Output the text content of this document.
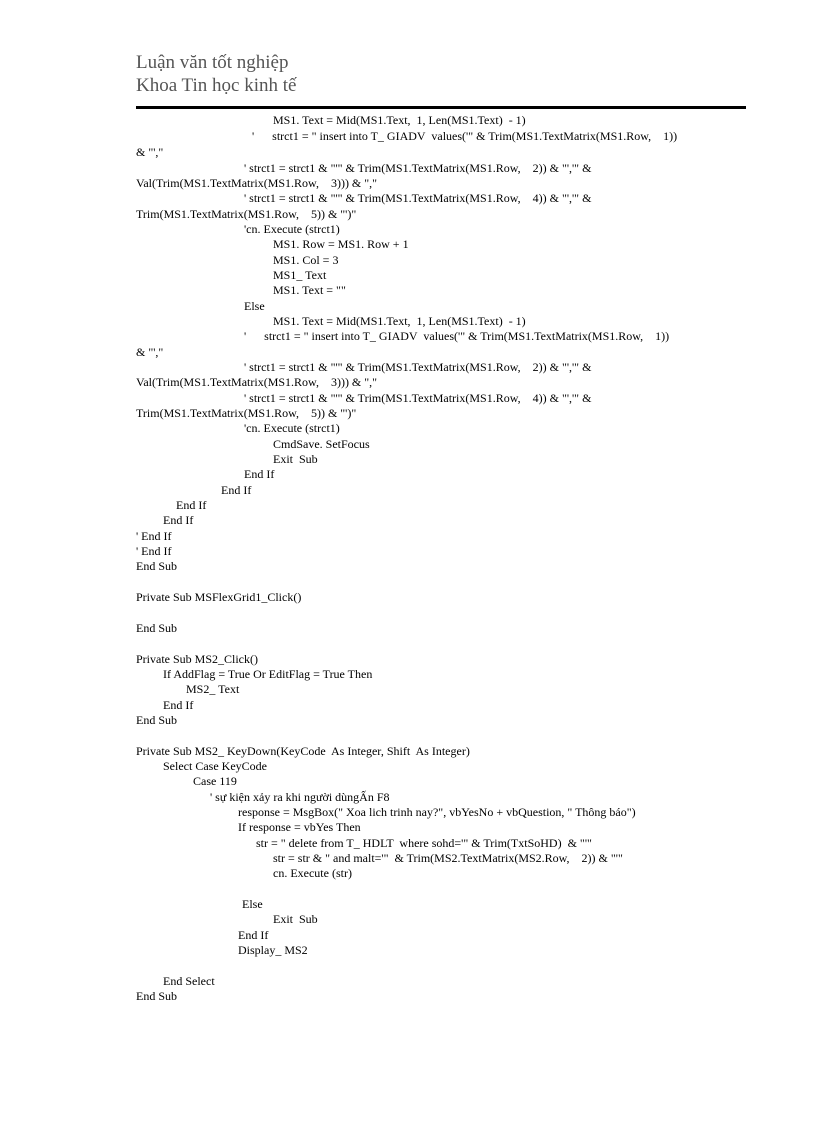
Luận văn tốt nghiệp
Khoa Tin học kinh tế
MS1. Text = Mid(MS1.Text,  1, Len(MS1.Text)  - 1)
'      strct1 = " insert into T_ GIADV  values('" & Trim(MS1.TextMatrix(MS1.Row,    1))
& "',"
' strct1 = strct1 & "'" & Trim(MS1.TextMatrix(MS1.Row,    2)) & "','" &
Val(Trim(MS1.TextMatrix(MS1.Row,    3))) & ","
' strct1 = strct1 & "'" & Trim(MS1.TextMatrix(MS1.Row,    4)) & "','" &
Trim(MS1.TextMatrix(MS1.Row,    5)) & "')"
'cn. Execute (strct1)
MS1. Row = MS1. Row + 1
MS1. Col = 3
MS1_ Text
MS1. Text = ""
Else
MS1. Text = Mid(MS1.Text,  1, Len(MS1.Text)  - 1)
'      strct1 = " insert into T_ GIADV  values('" & Trim(MS1.TextMatrix(MS1.Row,    1))
& "',"
' strct1 = strct1 & "'" & Trim(MS1.TextMatrix(MS1.Row,    2)) & "','" &
Val(Trim(MS1.TextMatrix(MS1.Row,    3))) & ","
' strct1 = strct1 & "'" & Trim(MS1.TextMatrix(MS1.Row,    4)) & "','" &
Trim(MS1.TextMatrix(MS1.Row,    5)) & "')"
'cn. Execute (strct1)
CmdSave. SetFocus
Exit  Sub
End If
End If
End If
End If
' End If
' End If
End Sub
Private Sub MSFlexGrid1_Click()
End Sub
Private Sub MS2_Click()
If AddFlag = True Or EditFlag = True Then
MS2_ Text
End If
End Sub
Private Sub MS2_ KeyDown(KeyCode  As Integer, Shift  As Integer)
Select Case KeyCode
Case 119
' sự kiện xảy ra khi người dùngẤn F8
response = MsgBox(" Xoa lich trinh nay?", vbYesNo + vbQuestion, " Thông báo")
If response = vbYes Then
str = " delete from T_ HDLT  where sohd='" & Trim(TxtSoHD)  & "'"
str = str & " and malt='"  & Trim(MS2.TextMatrix(MS2.Row,    2)) & "'"
cn. Execute (str)
Else
Exit  Sub
End If
Display_ MS2
End Select
End Sub
